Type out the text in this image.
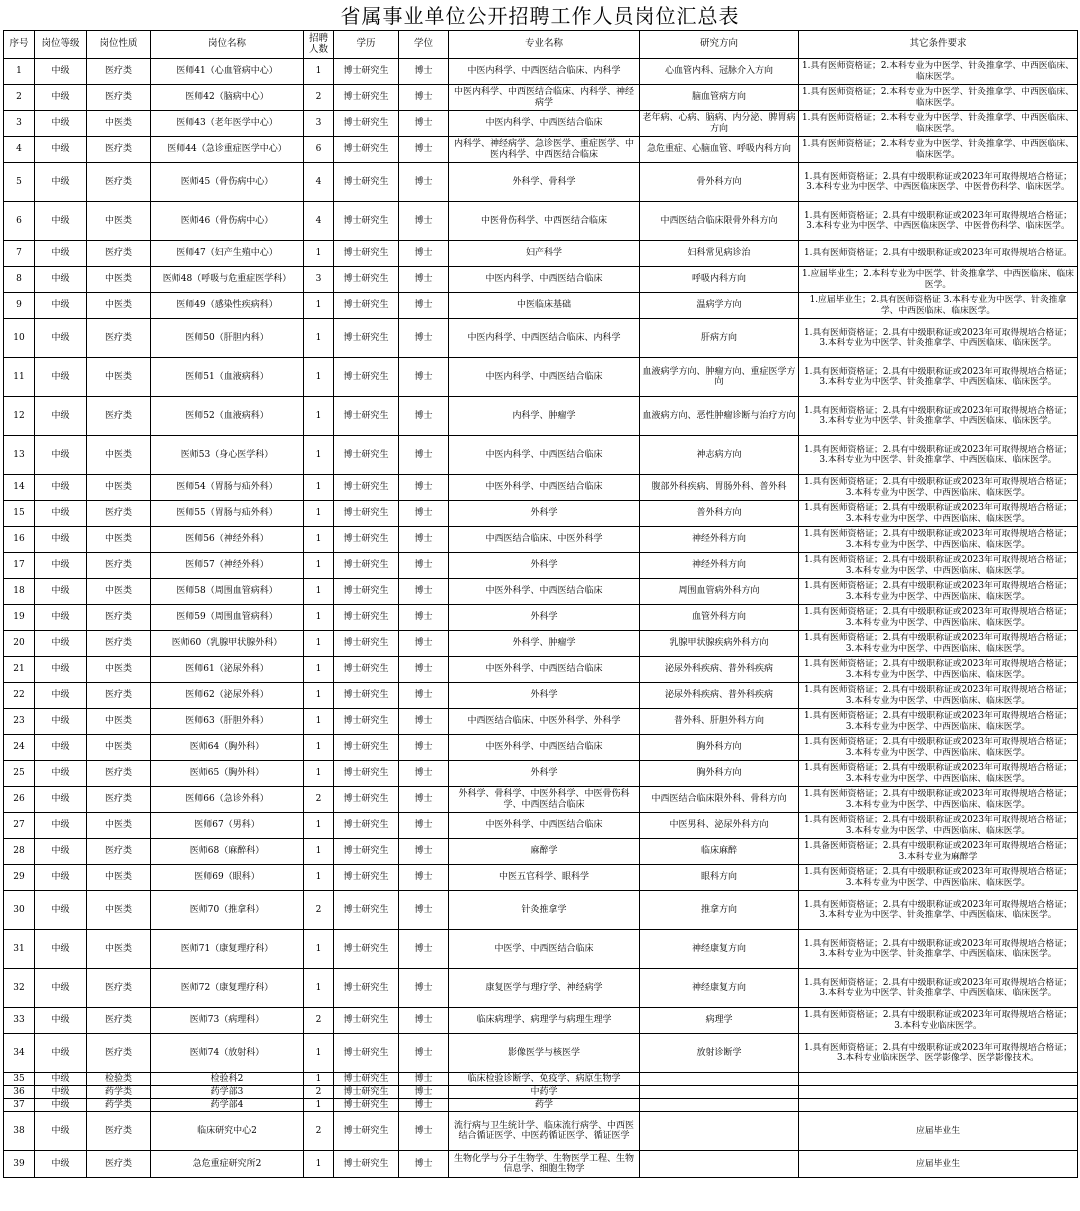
省属事业单位公开招聘工作人员岗位汇总表
序号	岗位等级	岗位性质	岗位名称	招聘人数	学历	学位	专业名称	研究方向	其它条件要求
1	中级	医疗类	医师41（心血管病中心）	1	博士研究生	博士	中医内科学、中西医结合临床、内科学	心血管内科、冠脉介入方向	1.具有医师资格证；2.本科专业为中医学、针灸推拿学、中西医临床、临床医学。
2	中级	医疗类	医师42（脑病中心）	2	博士研究生	博士	中医内科学、中西医结合临床、内科学、神经病学	脑血管病方向	1.具有医师资格证；2.本科专业为中医学、针灸推拿学、中西医临床、临床医学。
3	中级	中医类	医师43（老年医学中心）	3	博士研究生	博士	中医内科学、中西医结合临床	老年病、心病、脑病、内分泌、脾胃病方向	1.具有医师资格证；2.本科专业为中医学、针灸推拿学、中西医临床、临床医学。
4	中级	医疗类	医师44（急诊重症医学中心）	6	博士研究生	博士	内科学、神经病学、急诊医学、重症医学、中医内科学、中西医结合临床	急危重症、心脑血管、呼吸内科方向	1.具有医师资格证；2.本科专业为中医学、针灸推拿学、中西医临床、临床医学。
5	中级	医疗类	医师45（骨伤病中心）	4	博士研究生	博士	外科学、骨科学	骨外科方向	1.具有医师资格证；2.具有中级职称证或2023年可取得规培合格证；3.本科专业为中医学、中西医临床医学、中医骨伤科学、临床医学。
6	中级	中医类	医师46（骨伤病中心）	4	博士研究生	博士	中医骨伤科学、中西医结合临床	中西医结合临床限骨外科方向	1.具有医师资格证；2.具有中级职称证或2023年可取得规培合格证；3.本科专业为中医学、中西医临床医学、中医骨伤科学、临床医学。
7	中级	医疗类	医师47（妇产生殖中心）	1	博士研究生	博士	妇产科学	妇科常见病诊治	1.具有医师资格证；2.具有中级职称证或2023年可取得规培合格证。
8	中级	中医类	医师48（呼吸与危重症医学科）	3	博士研究生	博士	中医内科学、中西医结合临床	呼吸内科方向	1.应届毕业生；2.本科专业为中医学、针灸推拿学、中西医临床、临床医学。
9	中级	中医类	医师49（感染性疾病科）	1	博士研究生	博士	中医临床基础	温病学方向	1.应届毕业生；2.具有医师资格证 3.本科专业为中医学、针灸推拿学、中西医临床、临床医学。
10	中级	医疗类	医师50（肝胆内科）	1	博士研究生	博士	中医内科学、中西医结合临床、内科学	肝病方向	1.具有医师资格证；2.具有中级职称证或2023年可取得规培合格证；3.本科专业为中医学、针灸推拿学、中西医临床、临床医学。
11	中级	中医类	医师51（血液病科）	1	博士研究生	博士	中医内科学、中西医结合临床	血液病学方向、肿瘤方向、重症医学方向	1.具有医师资格证；2.具有中级职称证或2023年可取得规培合格证；3.本科专业为中医学、针灸推拿学、中西医临床、临床医学。
12	中级	医疗类	医师52（血液病科）	1	博士研究生	博士	内科学、肿瘤学	血液病方向、恶性肿瘤诊断与治疗方向	1.具有医师资格证；2.具有中级职称证或2023年可取得规培合格证；3.本科专业为中医学、针灸推拿学、中西医临床、临床医学。
13	中级	中医类	医师53（身心医学科）	1	博士研究生	博士	中医内科学、中西医结合临床	神志病方向	1.具有医师资格证；2.具有中级职称证或2023年可取得规培合格证；3.本科专业为中医学、针灸推拿学、中西医临床、临床医学。
14	中级	中医类	医师54（胃肠与疝外科）	1	博士研究生	博士	中医外科学、中西医结合临床	腹部外科疾病、胃肠外科、普外科	1.具有医师资格证；2.具有中级职称证或2023年可取得规培合格证；3.本科专业为中医学、中西医临床、临床医学。
15	中级	医疗类	医师55（胃肠与疝外科）	1	博士研究生	博士	外科学	普外科方向	1.具有医师资格证；2.具有中级职称证或2023年可取得规培合格证；3.本科专业为中医学、中西医临床、临床医学。
16	中级	中医类	医师56（神经外科）	1	博士研究生	博士	中西医结合临床、中医外科学	神经外科方向	1.具有医师资格证；2.具有中级职称证或2023年可取得规培合格证；3.本科专业为中医学、中西医临床、临床医学。
17	中级	医疗类	医师57（神经外科）	1	博士研究生	博士	外科学	神经外科方向	1.具有医师资格证；2.具有中级职称证或2023年可取得规培合格证；3.本科专业为中医学、中西医临床、临床医学。
18	中级	中医类	医师58（周围血管病科）	1	博士研究生	博士	中医外科学、中西医结合临床	周围血管病外科方向	1.具有医师资格证；2.具有中级职称证或2023年可取得规培合格证；3.本科专业为中医学、中西医临床、临床医学。
19	中级	医疗类	医师59（周围血管病科）	1	博士研究生	博士	外科学	血管外科方向	1.具有医师资格证；2.具有中级职称证或2023年可取得规培合格证；3.本科专业为中医学、中西医临床、临床医学。
20	中级	医疗类	医师60（乳腺甲状腺外科）	1	博士研究生	博士	外科学、肿瘤学	乳腺甲状腺疾病外科方向	1.具有医师资格证；2.具有中级职称证或2023年可取得规培合格证；3.本科专业为中医学、中西医临床、临床医学。
21	中级	中医类	医师61（泌尿外科）	1	博士研究生	博士	中医外科学、中西医结合临床	泌尿外科疾病、普外科疾病	1.具有医师资格证；2.具有中级职称证或2023年可取得规培合格证；3.本科专业为中医学、中西医临床、临床医学。
22	中级	医疗类	医师62（泌尿外科）	1	博士研究生	博士	外科学	泌尿外科疾病、普外科疾病	1.具有医师资格证；2.具有中级职称证或2023年可取得规培合格证；3.本科专业为中医学、中西医临床、临床医学。
23	中级	中医类	医师63（肝胆外科）	1	博士研究生	博士	中西医结合临床、中医外科学、外科学	普外科、肝胆外科方向	1.具有医师资格证；2.具有中级职称证或2023年可取得规培合格证；3.本科专业为中医学、中西医临床、临床医学。
24	中级	中医类	医师64（胸外科）	1	博士研究生	博士	中医外科学、中西医结合临床	胸外科方向	1.具有医师资格证；2.具有中级职称证或2023年可取得规培合格证；3.本科专业为中医学、中西医临床、临床医学。
25	中级	医疗类	医师65（胸外科）	1	博士研究生	博士	外科学	胸外科方向	1.具有医师资格证；2.具有中级职称证或2023年可取得规培合格证；3.本科专业为中医学、中西医临床、临床医学。
26	中级	医疗类	医师66（急诊外科）	2	博士研究生	博士	外科学、骨科学、中医外科学、中医骨伤科学、中西医结合临床	中西医结合临床限外科、骨科方向	1.具有医师资格证；2.具有中级职称证或2023年可取得规培合格证；3.本科专业为中医学、中西医临床、临床医学。
27	中级	中医类	医师67（男科）	1	博士研究生	博士	中医外科学、中西医结合临床	中医男科、泌尿外科方向	1.具有医师资格证；2.具有中级职称证或2023年可取得规培合格证；3.本科专业为中医学、中西医临床、临床医学。
28	中级	医疗类	医师68（麻醉科）	1	博士研究生	博士	麻醉学	临床麻醉	1.具备医师资格证；2.具有中级职称证或2023年可取得规培合格证；3.本科专业为麻醉学
29	中级	中医类	医师69（眼科）	1	博士研究生	博士	中医五官科学、眼科学	眼科方向	1.具有医师资格证；2.具有中级职称证或2023年可取得规培合格证；3.本科专业为中医学、中西医临床、临床医学。
30	中级	中医类	医师70（推拿科）	2	博士研究生	博士	针灸推拿学	推拿方向	1.具有医师资格证；2.具有中级职称证或2023年可取得规培合格证；3.本科专业为中医学、针灸推拿学、中西医临床、临床医学。
31	中级	中医类	医师71（康复理疗科）	1	博士研究生	博士	中医学、中西医结合临床	神经康复方向	1.具有医师资格证；2.具有中级职称证或2023年可取得规培合格证；3.本科专业为中医学、针灸推拿学、中西医临床、临床医学。
32	中级	医疗类	医师72（康复理疗科）	1	博士研究生	博士	康复医学与理疗学、神经病学	神经康复方向	1.具有医师资格证；2.具有中级职称证或2023年可取得规培合格证；3.本科专业为中医学、针灸推拿学、中西医临床、临床医学。
33	中级	医疗类	医师73（病理科）	2	博士研究生	博士	临床病理学、病理学与病理生理学	病理学	1.具有医师资格证；2.具有中级职称证或2023年可取得规培合格证；3.本科专业临床医学。
34	中级	医疗类	医师74（放射科）	1	博士研究生	博士	影像医学与核医学	放射诊断学	1.具有医师资格证；2.具有中级职称证或2023年可取得规培合格证；3.本科专业临床医学、医学影像学、医学影像技术。
35	中级	检验类	检验科2	1	博士研究生	博士	临床检验诊断学、免疫学、病原生物学		
36	中级	药学类	药学部3	2	博士研究生	博士	中药学		
37	中级	药学类	药学部4	1	博士研究生	博士	药学		
38	中级	医疗类	临床研究中心2	2	博士研究生	博士	流行病与卫生统计学、临床流行病学、中西医结合循证医学、中医药循证医学、循证医学		应届毕业生
39	中级	医疗类	急危重症研究所2	1	博士研究生	博士	生物化学与分子生物学、生物医学工程、生物信息学、细胞生物学		应届毕业生
